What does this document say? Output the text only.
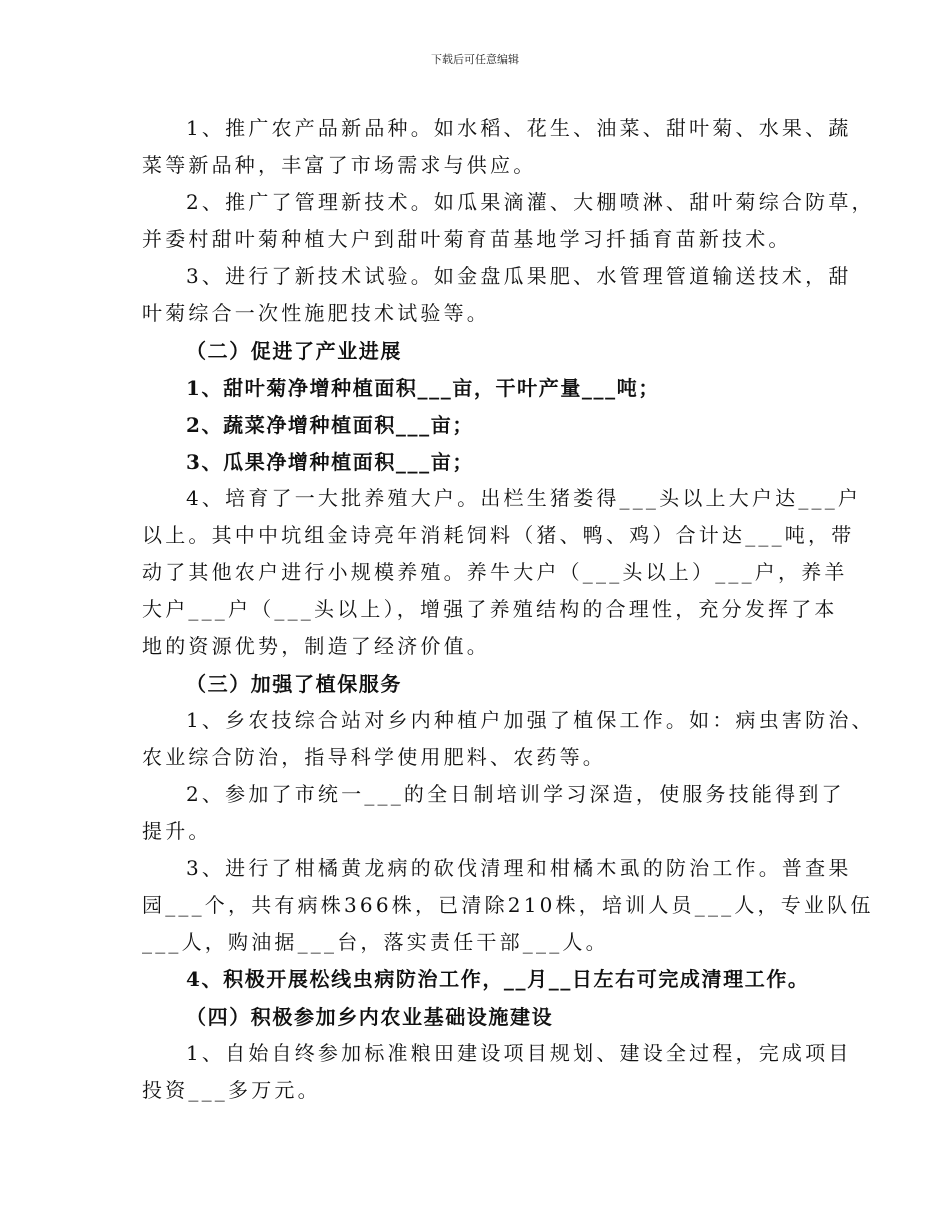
下载后可任意编辑
1、推广农产品新品种。如水稻、花生、油菜、甜叶菊、水果、蔬
菜等新品种，丰富了市场需求与供应。
2、推广了管理新技术。如瓜果滴灌、大棚喷淋、甜叶菊综合防草，
并委村甜叶菊种植大户到甜叶菊育苗基地学习扦插育苗新技术。
3、进行了新技术试验。如金盘瓜果肥、水管理管道输送技术，甜
叶菊综合一次性施肥技术试验等。
（二）促进了产业进展
1、甜叶菊净增种植面积___亩，干叶产量___吨；
2、蔬菜净增种植面积___亩；
3、瓜果净增种植面积___亩；
4、培育了一大批养殖大户。出栏生猪娄得___头以上大户达___户
以上。其中中坑组金诗亮年消耗饲料（猪、鸭、鸡）合计达___吨，带
动了其他农户进行小规模养殖。养牛大户（___头以上）___户，养羊
大户___户（___头以上），增强了养殖结构的合理性，充分发挥了本
地的资源优势，制造了经济价值。
（三）加强了植保服务
1、乡农技综合站对乡内种植户加强了植保工作。如：病虫害防治、
农业综合防治，指导科学使用肥料、农药等。
2、参加了市统一___的全日制培训学习深造，使服务技能得到了
提升。
3、进行了柑橘黄龙病的砍伐清理和柑橘木虱的防治工作。普查果
园___个，共有病株366株，已清除210株，培训人员___人，专业队伍
___人，购油据___台，落实责任干部___人。
4、积极开展松线虫病防治工作，__月__日左右可完成清理工作。
（四）积极参加乡内农业基础设施建设
1、自始自终参加标准粮田建设项目规划、建设全过程，完成项目
投资___多万元。
